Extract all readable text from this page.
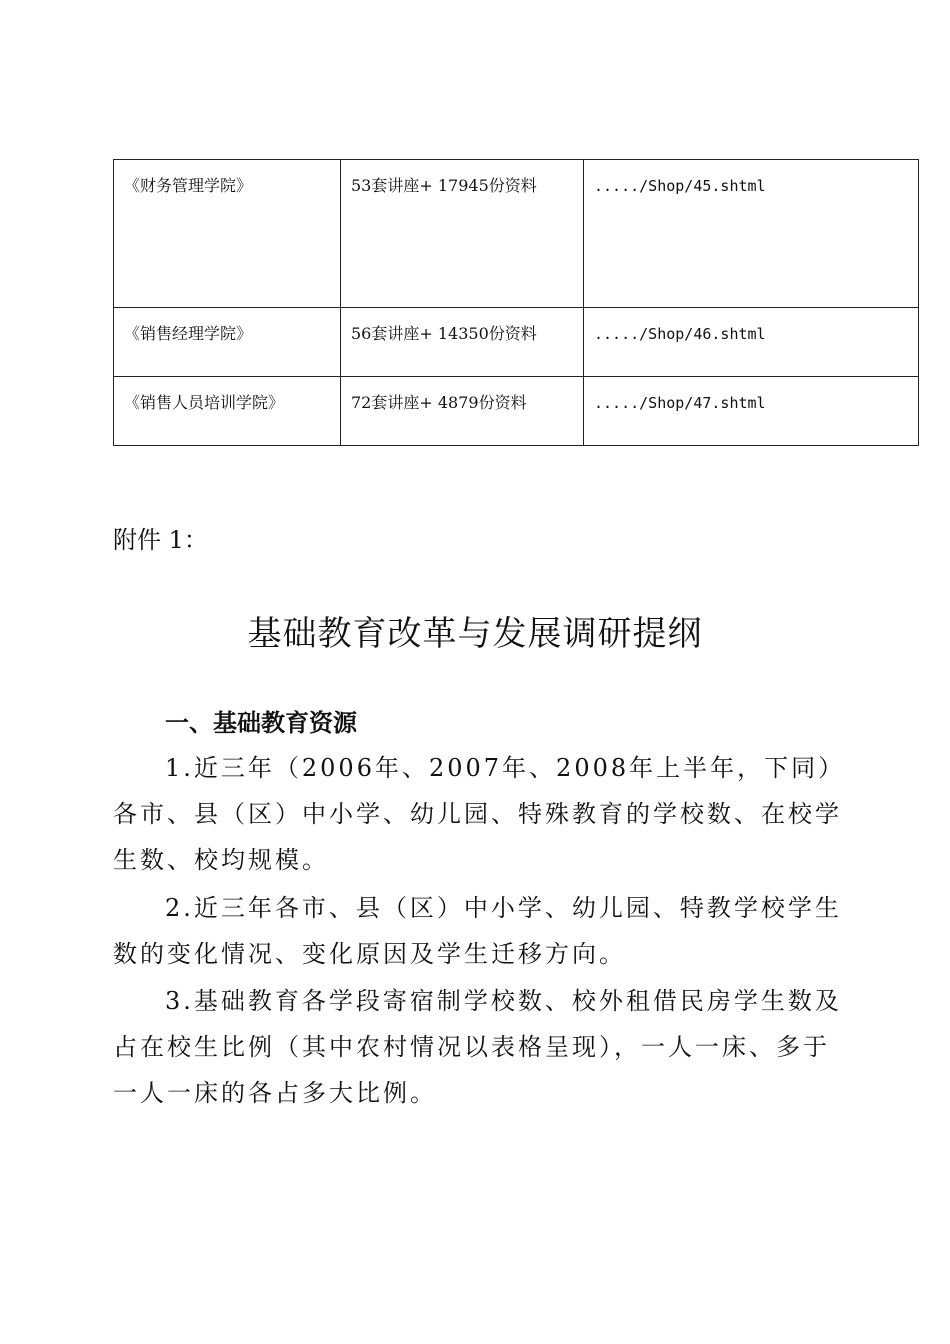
《财务管理学院》	53套讲座+ 17945份资料	...../Shop/45.shtml
《销售经理学院》	56套讲座+ 14350份资料	...../Shop/46.shtml
《销售人员培训学院》	72套讲座+ 4879份资料	...../Shop/47.shtml
附件 1：
基础教育改革与发展调研提纲
一、基础教育资源

1.近三年（2006年、2007年、2008年上半年，下同）各市、县（区）中小学、幼儿园、特殊教育的学校数、在校学生数、校均规模。

2.近三年各市、县（区）中小学、幼儿园、特教学校学生数的变化情况、变化原因及学生迁移方向。

3.基础教育各学段寄宿制学校数、校外租借民房学生数及占在校生比例（其中农村情况以表格呈现），一人一床、多于一人一床的各占多大比例。
